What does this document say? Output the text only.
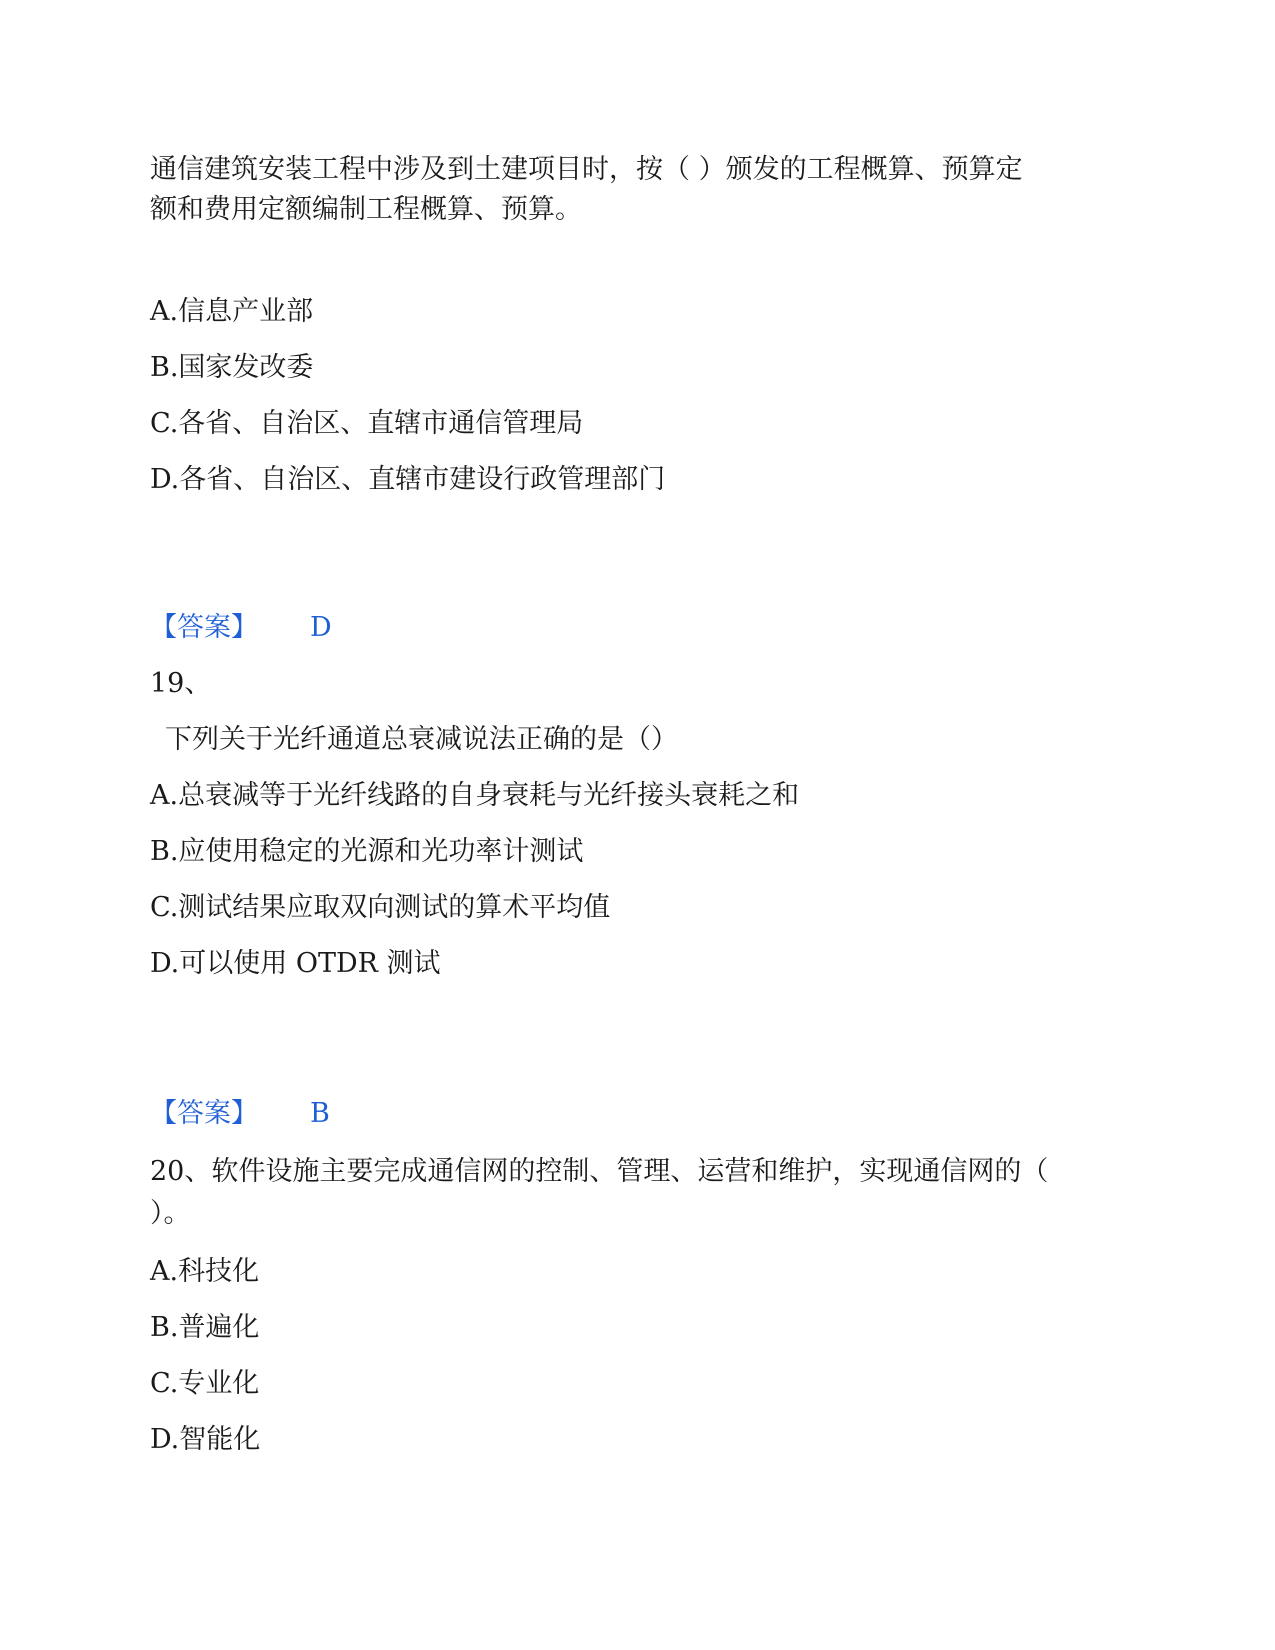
通信建筑安装工程中涉及到土建项目时，按（ ）颁发的工程概算、预算定
额和费用定额编制工程概算、预算。
A.信息产业部
B.国家发改委
C.各省、自治区、直辖市通信管理局
D.各省、自治区、直辖市建设行政管理部门
【答案】 D
19、
下列关于光纤通道总衰减说法正确的是（）
A.总衰减等于光纤线路的自身衰耗与光纤接头衰耗之和
B.应使用稳定的光源和光功率计测试
C.测试结果应取双向测试的算术平均值
D.可以使用 OTDR 测试
【答案】 B
20、软件设施主要完成通信网的控制、管理、运营和维护，实现通信网的（
）。
A.科技化
B.普遍化
C.专业化
D.智能化
